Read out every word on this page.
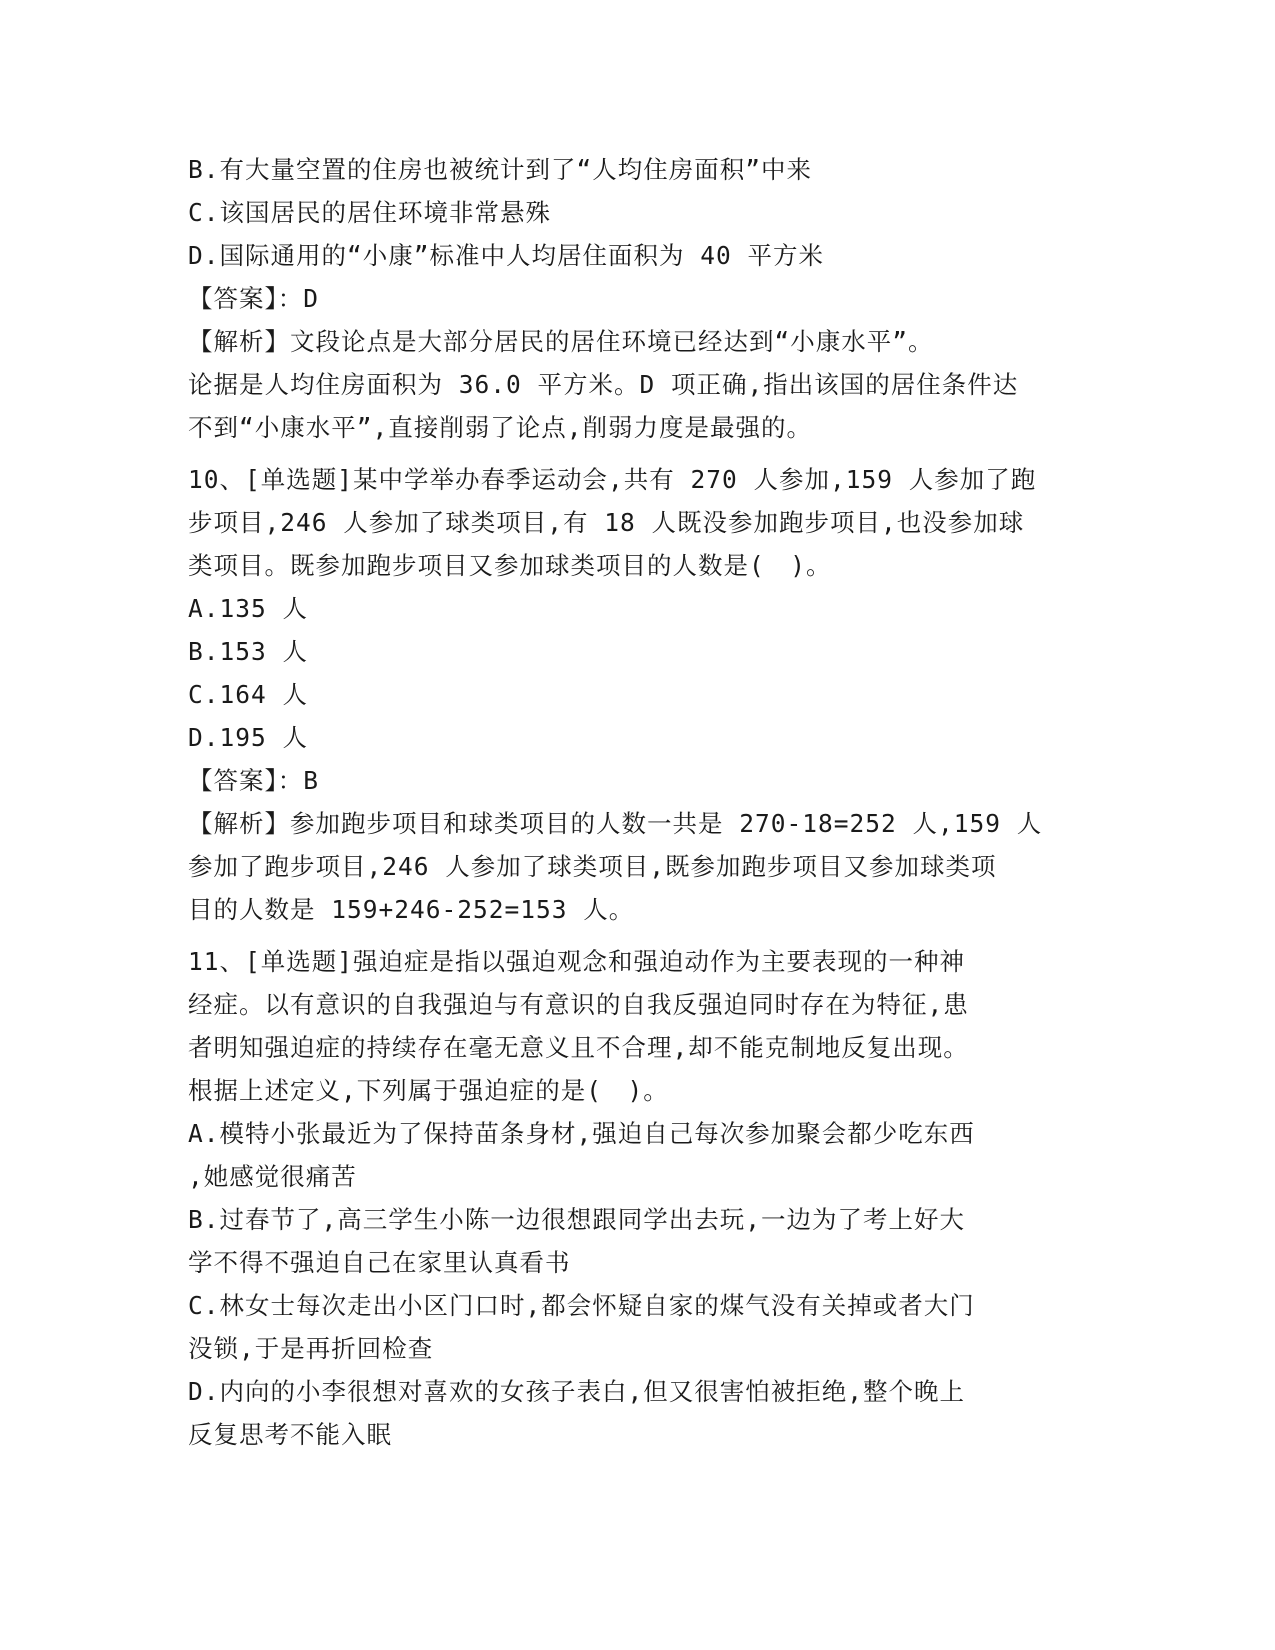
B.有大量空置的住房也被统计到了“人均住房面积”中来

C.该国居民的居住环境非常悬殊

D.国际通用的“小康”标准中人均居住面积为 40 平方米

【答案】：D

【解析】文段论点是大部分居民的居住环境已经达到“小康水平”。

论据是人均住房面积为 36.0 平方米。D 项正确,指出该国的居住条件达

不到“小康水平”,直接削弱了论点,削弱力度是最强的。

10、[单选题]某中学举办春季运动会,共有 270 人参加,159 人参加了跑

步项目,246 人参加了球类项目,有 18 人既没参加跑步项目,也没参加球

类项目。既参加跑步项目又参加球类项目的人数是(　)。

A.135 人

B.153 人

C.164 人

D.195 人

【答案】：B

【解析】参加跑步项目和球类项目的人数一共是 270-18=252 人,159 人

参加了跑步项目,246 人参加了球类项目,既参加跑步项目又参加球类项

目的人数是 159+246-252=153 人。

11、[单选题]强迫症是指以强迫观念和强迫动作为主要表现的一种神

经症。以有意识的自我强迫与有意识的自我反强迫同时存在为特征,患

者明知强迫症的持续存在毫无意义且不合理,却不能克制地反复出现。

根据上述定义,下列属于强迫症的是(　)。

A.模特小张最近为了保持苗条身材,强迫自己每次参加聚会都少吃东西

,她感觉很痛苦

B.过春节了,高三学生小陈一边很想跟同学出去玩,一边为了考上好大

学不得不强迫自己在家里认真看书

C.林女士每次走出小区门口时,都会怀疑自家的煤气没有关掉或者大门

没锁,于是再折回检查

D.内向的小李很想对喜欢的女孩子表白,但又很害怕被拒绝,整个晚上

反复思考不能入眠
